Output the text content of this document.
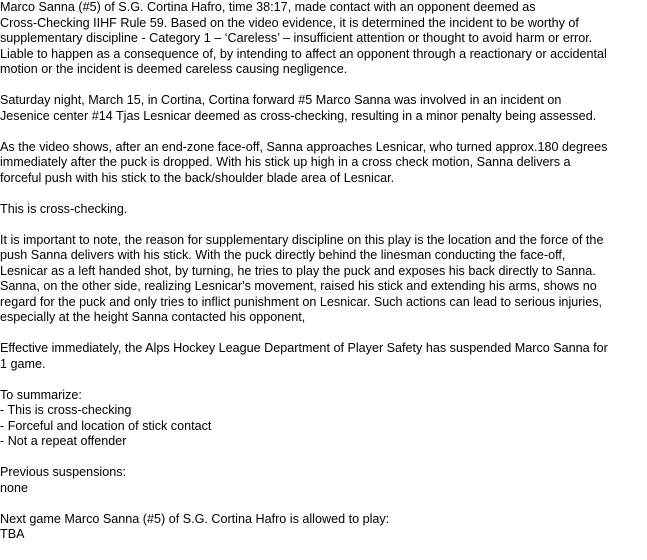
Marco Sanna (#5) of S.G. Cortina Hafro, time 38:17, made contact with an opponent deemed as
Cross-Checking IIHF Rule 59. Based on the video evidence, it is determined the incident to be worthy of
supplementary discipline - Category 1 – ‘Careless’ – insufficient attention or thought to avoid harm or error.
Liable to happen as a consequence of, by intending to affect an opponent through a reactionary or accidental
motion or the incident is deemed careless causing negligence.
Saturday night, March 15, in Cortina, Cortina forward #5 Marco Sanna was involved in an incident on
Jesenice center #14 Tjas Lesnicar deemed as cross-checking, resulting in a minor penalty being assessed.
As the video shows, after an end-zone face-off, Sanna approaches Lesnicar, who turned approx.180 degrees
immediately after the puck is dropped. With his stick up high in a cross check motion, Sanna delivers a
forceful push with his stick to the back/shoulder blade area of Lesnicar.
This is cross-checking.
It is important to note, the reason for supplementary discipline on this play is the location and the force of the
push Sanna delivers with his stick. With the puck directly behind the linesman conducting the face-off,
Lesnicar as a left handed shot, by turning, he tries to play the puck and exposes his back directly to Sanna.
Sanna, on the other side, realizing Lesnicar's movement, raised his stick and extending his arms, shows no
regard for the puck and only tries to inflict punishment on Lesnicar. Such actions can lead to serious injuries,
especially at the height Sanna contacted his opponent,
Effective immediately, the Alps Hockey League Department of Player Safety has suspended Marco Sanna for
1 game.
To summarize:
- This is cross-checking
- Forceful and location of stick contact
- Not a repeat offender
Previous suspensions:
none
Next game Marco Sanna (#5) of S.G. Cortina Hafro is allowed to play:
TBA
